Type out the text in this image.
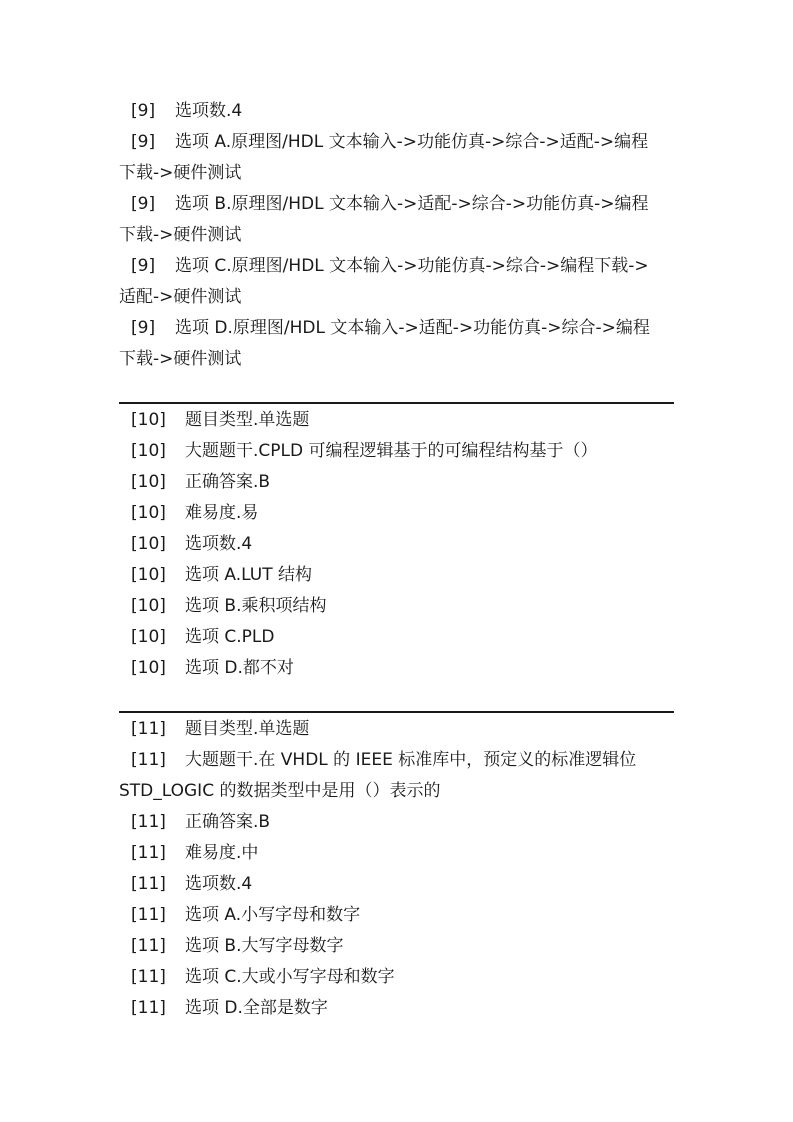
[9] 选项数.4
[9] 选项 A.原理图/HDL 文本输入->功能仿真->综合->适配->编程
下载->硬件测试
[9] 选项 B.原理图/HDL 文本输入->适配->综合->功能仿真->编程
下载->硬件测试
[9] 选项 C.原理图/HDL 文本输入->功能仿真->综合->编程下载->
适配->硬件测试
[9] 选项 D.原理图/HDL 文本输入->适配->功能仿真->综合->编程
下载->硬件测试
[10] 题目类型.单选题
[10] 大题题干.CPLD 可编程逻辑基于的可编程结构基于（）
[10] 正确答案.B
[10] 难易度.易
[10] 选项数.4
[10] 选项 A.LUT 结构
[10] 选项 B.乘积项结构
[10] 选项 C.PLD
[10] 选项 D.都不对
[11] 题目类型.单选题
[11] 大题题干.在 VHDL 的 IEEE 标准库中，预定义的标准逻辑位
STD_LOGIC 的数据类型中是用（）表示的
[11] 正确答案.B
[11] 难易度.中
[11] 选项数.4
[11] 选项 A.小写字母和数字
[11] 选项 B.大写字母数字
[11] 选项 C.大或小写字母和数字
[11] 选项 D.全部是数字
